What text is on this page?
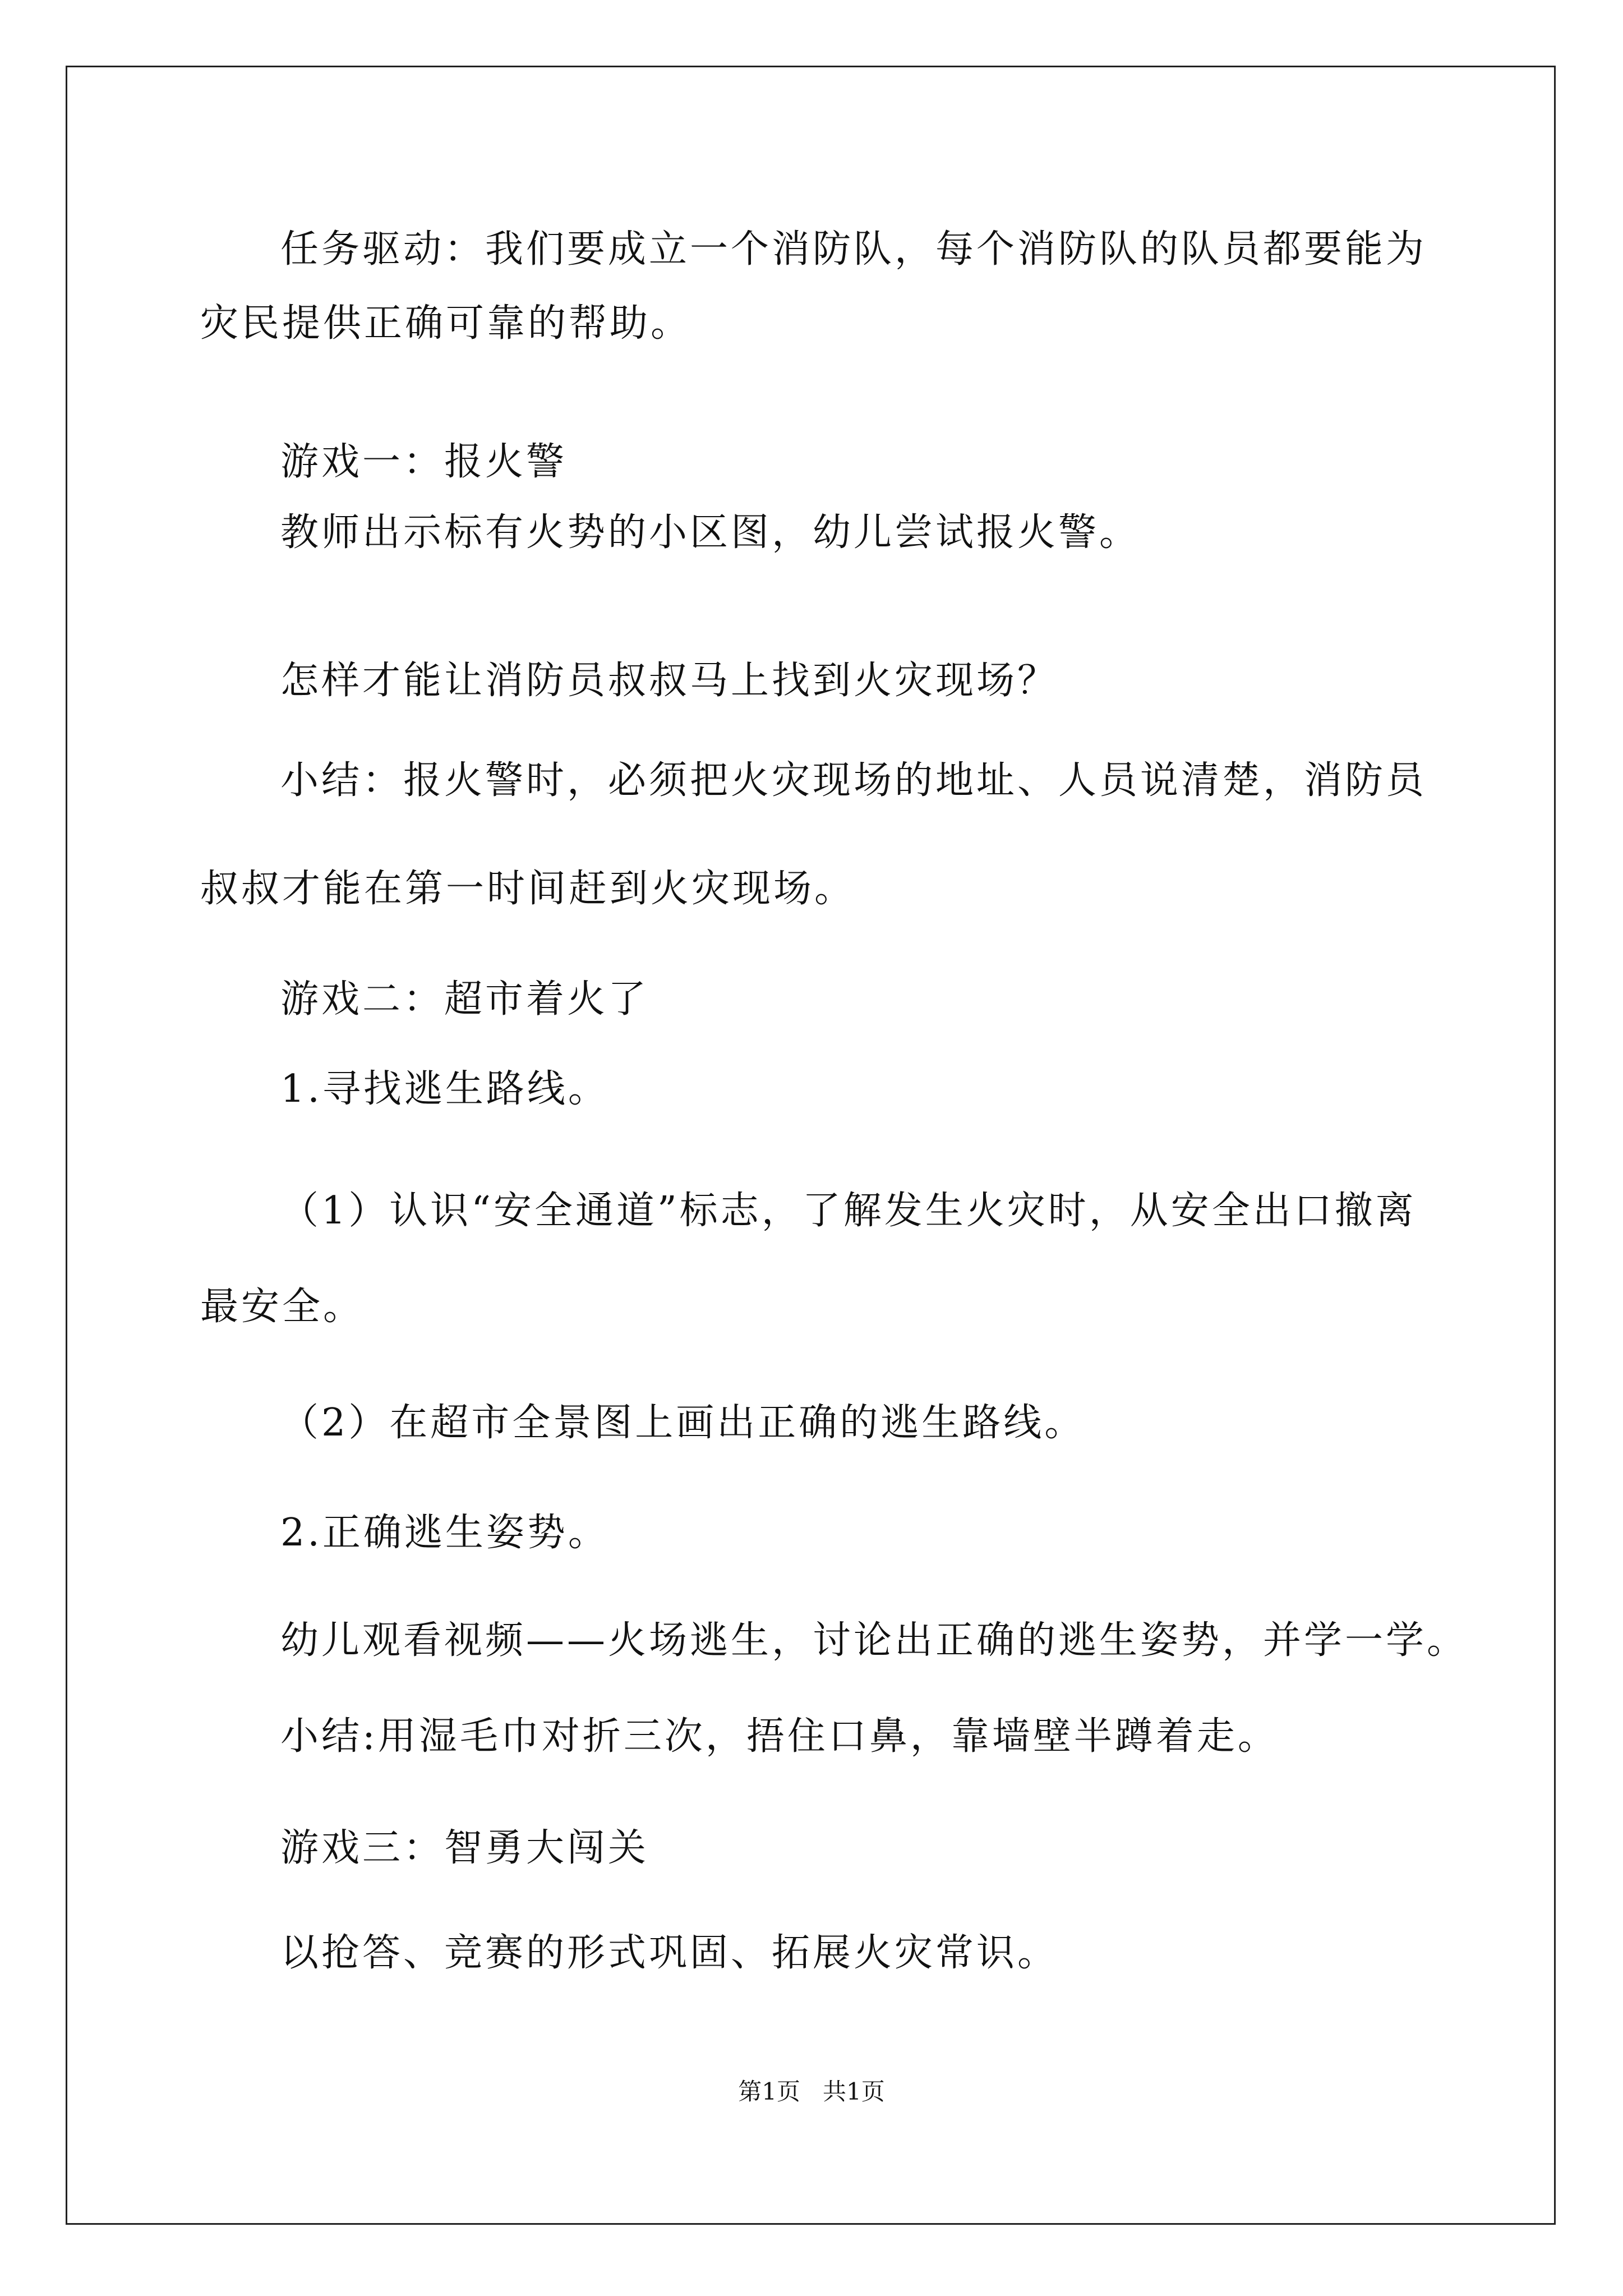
任务驱动：我们要成立一个消防队，每个消防队的队员都要能为
灾民提供正确可靠的帮助。
游戏一：报火警
教师出示标有火势的小区图，幼儿尝试报火警。
怎样才能让消防员叔叔马上找到火灾现场？
小结：报火警时，必须把火灾现场的地址、人员说清楚，消防员
叔叔才能在第一时间赶到火灾现场。
游戏二：超市着火了
1.寻找逃生路线。
（1）认识“安全通道”标志，了解发生火灾时，从安全出口撤离
最安全。
（2）在超市全景图上画出正确的逃生路线。
2.正确逃生姿势。
幼儿观看视频——火场逃生，讨论出正确的逃生姿势，并学一学。
小结:用湿毛巾对折三次，捂住口鼻，靠墙壁半蹲着走。
游戏三：智勇大闯关
以抢答、竞赛的形式巩固、拓展火灾常识。
第1页 共1页
